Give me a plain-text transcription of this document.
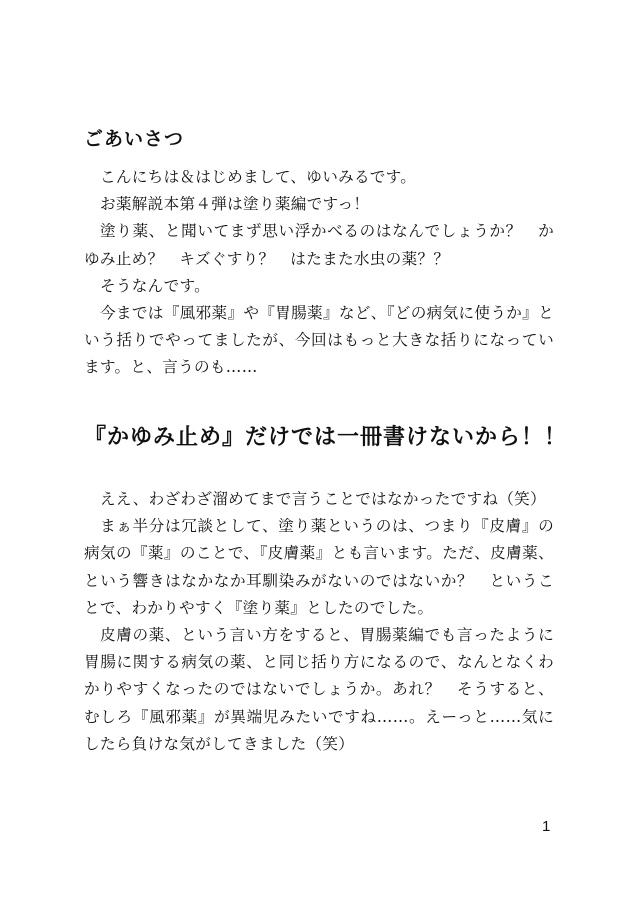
ごあいさつ

こんにちは＆はじめまして、ゆいみるです。

お薬解説本第４弾は塗り薬編ですっ！

塗り薬、と聞いてまず思い浮かべるのはなんでしょうか？　かゆみ止め？　キズぐすり？　はたまた水虫の薬？？

そうなんです。

今までは『風邪薬』や『胃腸薬』など、『どの病気に使うか』という括りでやってましたが、今回はもっと大きな括りになっています。と、言うのも……

『かゆみ止め』だけでは一冊書けないから！！

ええ、わざわざ溜めてまで言うことではなかったですね（笑）

まぁ半分は冗談として、塗り薬というのは、つまり『皮膚』の病気の『薬』のことで、『皮膚薬』とも言います。ただ、皮膚薬、という響きはなかなか耳馴染みがないのではないか？　ということで、わかりやすく『塗り薬』としたのでした。

皮膚の薬、という言い方をすると、胃腸薬編でも言ったように胃腸に関する病気の薬、と同じ括り方になるので、なんとなくわかりやすくなったのではないでしょうか。あれ？　そうすると、むしろ『風邪薬』が異端児みたいですね……。えーっと……気にしたら負けな気がしてきました（笑）

1
